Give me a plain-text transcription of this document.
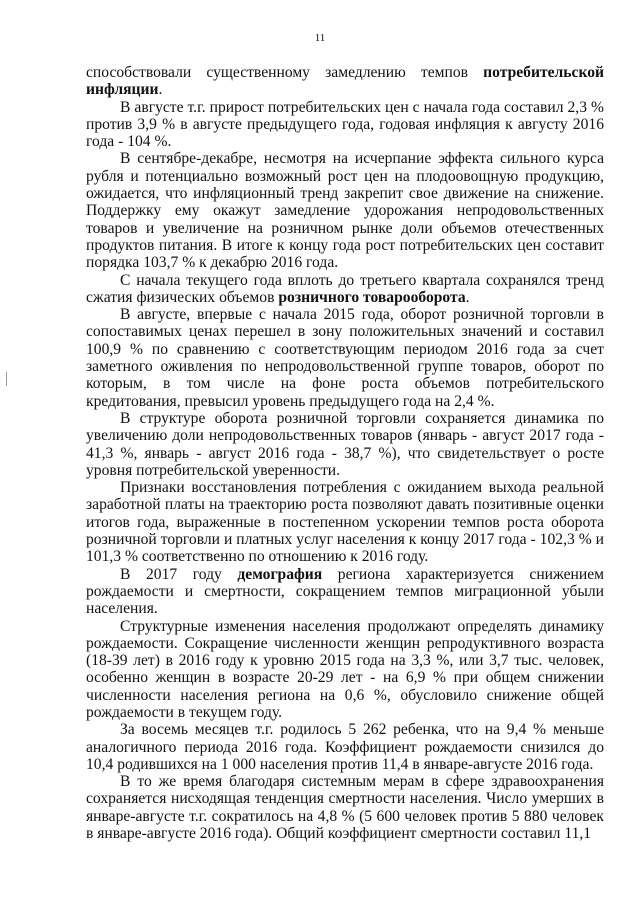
11

способствовали существенному замедлению темпов потребительской инфляции.

В августе т.г. прирост потребительских цен с начала года составил 2,3 % против 3,9 % в августе предыдущего года, годовая инфляция к августу 2016 года - 104 %.

В сентябре-декабре, несмотря на исчерпание эффекта сильного курса рубля и потенциально возможный рост цен на плодоовощную продукцию, ожидается, что инфляционный тренд закрепит свое движение на снижение. Поддержку ему окажут замедление удорожания непродовольственных товаров и увеличение на розничном рынке доли объемов отечественных продуктов питания. В итоге к концу года рост потребительских цен составит порядка 103,7 % к декабрю 2016 года.

С начала текущего года вплоть до третьего квартала сохранялся тренд сжатия физических объемов розничного товарооборота.

В августе, впервые с начала 2015 года, оборот розничной торговли в сопоставимых ценах перешел в зону положительных значений и составил 100,9 % по сравнению с соответствующим периодом 2016 года за счет заметного оживления по непродовольственной группе товаров, оборот по которым, в том числе на фоне роста объемов потребительского кредитования, превысил уровень предыдущего года на 2,4 %.

В структуре оборота розничной торговли сохраняется динамика по увеличению доли непродовольственных товаров (январь - август 2017 года - 41,3 %, январь - август 2016 года - 38,7 %), что свидетельствует о росте уровня потребительской уверенности.

Признаки восстановления потребления с ожиданием выхода реальной заработной платы на траекторию роста позволяют давать позитивные оценки итогов года, выраженные в постепенном ускорении темпов роста оборота розничной торговли и платных услуг населения к концу 2017 года - 102,3 % и 101,3 % соответственно по отношению к 2016 году.

В 2017 году демография региона характеризуется снижением рождаемости и смертности, сокращением темпов миграционной убыли населения.

Структурные изменения населения продолжают определять динамику рождаемости. Сокращение численности женщин репродуктивного возраста (18-39 лет) в 2016 году к уровню 2015 года на 3,3 %, или 3,7 тыс. человек, особенно женщин в возрасте 20-29 лет - на 6,9 % при общем снижении численности населения региона на 0,6 %, обусловило снижение общей рождаемости в текущем году.

За восемь месяцев т.г. родилось 5 262 ребенка, что на 9,4 % меньше аналогичного периода 2016 года. Коэффициент рождаемости снизился до 10,4 родившихся на 1 000 населения против 11,4 в январе-августе 2016 года.

В то же время благодаря системным мерам в сфере здравоохранения сохраняется нисходящая тенденция смертности населения. Число умерших в январе-августе т.г. сократилось на 4,8 % (5 600 человек против 5 880 человек в январе-августе 2016 года). Общий коэффициент смертности составил 11,1
